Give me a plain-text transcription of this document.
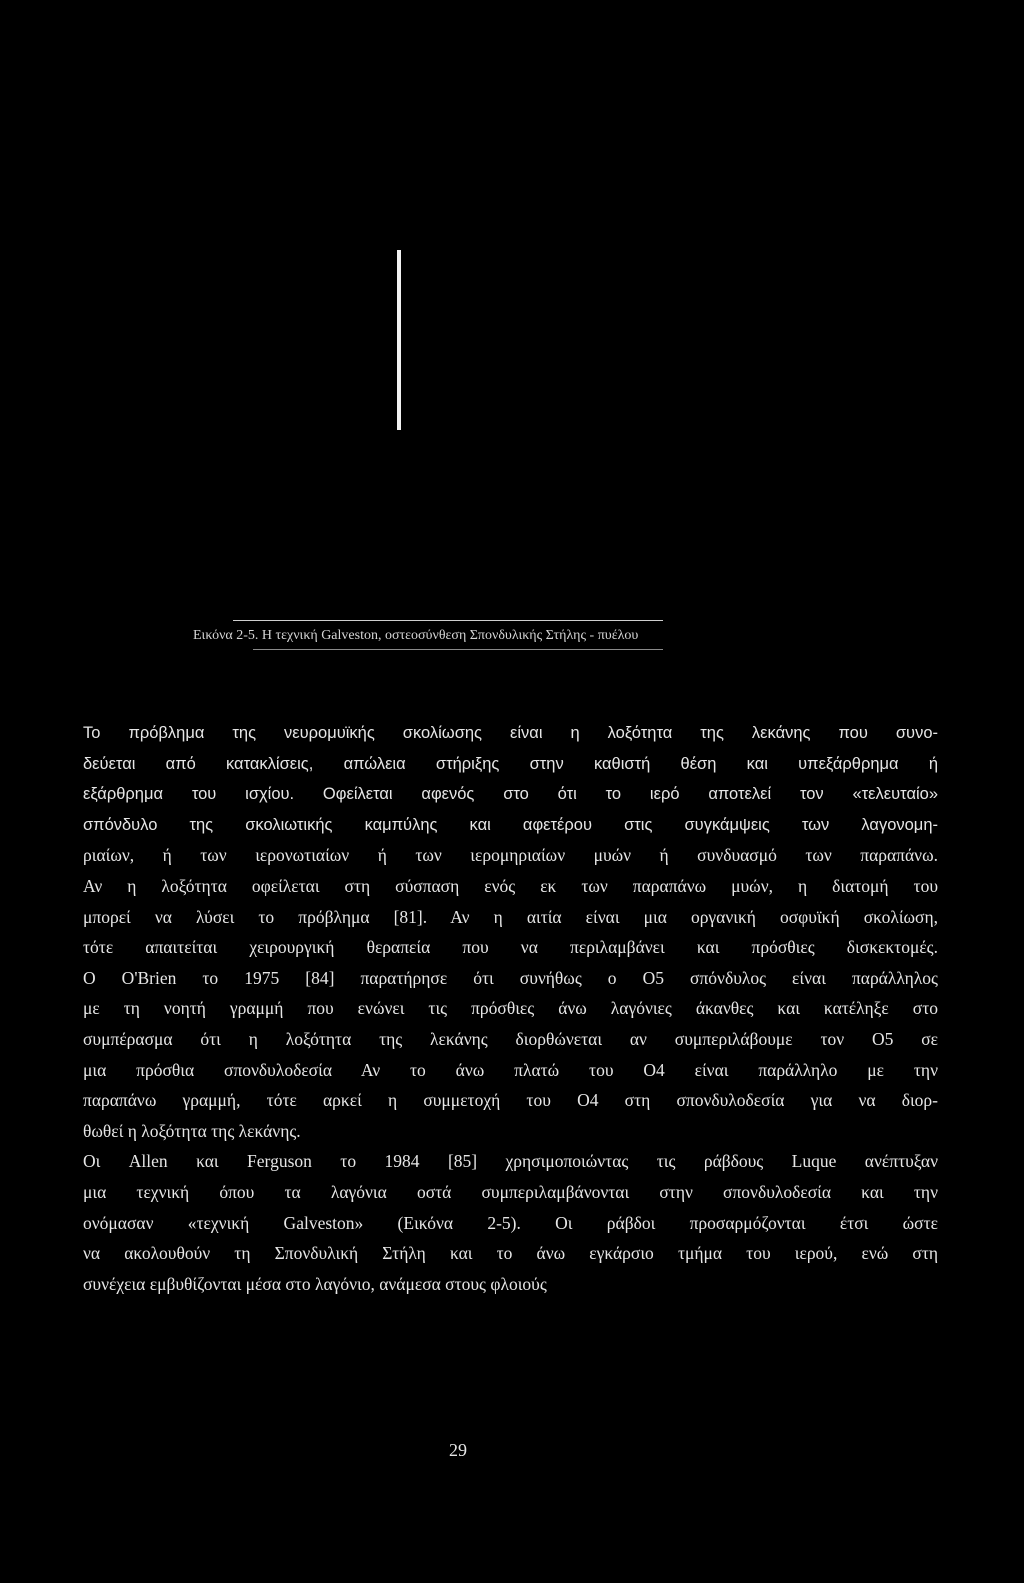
Εικόνα 2-5. Η τεχνική Galveston, οστεοσύνθεση Σπονδυλικής Στήλης - πυέλου
Το πρόβλημα της νευρομυϊκής σκολίωσης είναι η λοξότητα της λεκάνης που συνο-
δεύεται από κατακλίσεις, απώλεια στήριξης στην καθιστή θέση και υπεξάρθρημα ή
εξάρθρημα του ισχίου. Οφείλεται αφενός στο ότι το ιερό αποτελεί τον «τελευταίο»
σπόνδυλο της σκολιωτικής καμπύλης και αφετέρου στις συγκάμψεις των λαγονομη-
ριαίων, ή των ιερονωτιαίων ή των ιερομηριαίων μυών ή συνδυασμό των παραπάνω.
Αν η λοξότητα οφείλεται στη σύσπαση ενός εκ των παραπάνω μυών, η διατομή του
μπορεί να λύσει το πρόβλημα [81]. Αν η αιτία είναι μια οργανική οσφυϊκή σκολίωση,
τότε απαιτείται χειρουργική θεραπεία που να περιλαμβάνει και πρόσθιες δισκεκτομές.
Ο O'Brien το 1975 [84] παρατήρησε ότι συνήθως ο Ο5 σπόνδυλος είναι παράλληλος
με τη νοητή γραμμή που ενώνει τις πρόσθιες άνω λαγόνιες άκανθες και κατέληξε στο
συμπέρασμα ότι η λοξότητα της λεκάνης διορθώνεται αν συμπεριλάβουμε τον Ο5 σε
μια πρόσθια σπονδυλοδεσία Αν το άνω πλατώ του Ο4 είναι παράλληλο με την
παραπάνω γραμμή, τότε αρκεί η συμμετοχή του Ο4 στη σπονδυλοδεσία για να διορ-
θωθεί η λοξότητα της λεκάνης.
Οι Allen και Ferguson το 1984 [85] χρησιμοποιώντας τις ράβδους Luque ανέπτυξαν
μια τεχνική όπου τα λαγόνια οστά συμπεριλαμβάνονται στην σπονδυλοδεσία και την
ονόμασαν «τεχνική Galveston» (Εικόνα 2-5). Οι ράβδοι προσαρμόζονται έτσι ώστε
να ακολουθούν τη Σπονδυλική Στήλη και το άνω εγκάρσιο τμήμα του ιερού, ενώ στη
συνέχεια εμβυθίζονται μέσα στο λαγόνιο, ανάμεσα στους φλοιούς
29
